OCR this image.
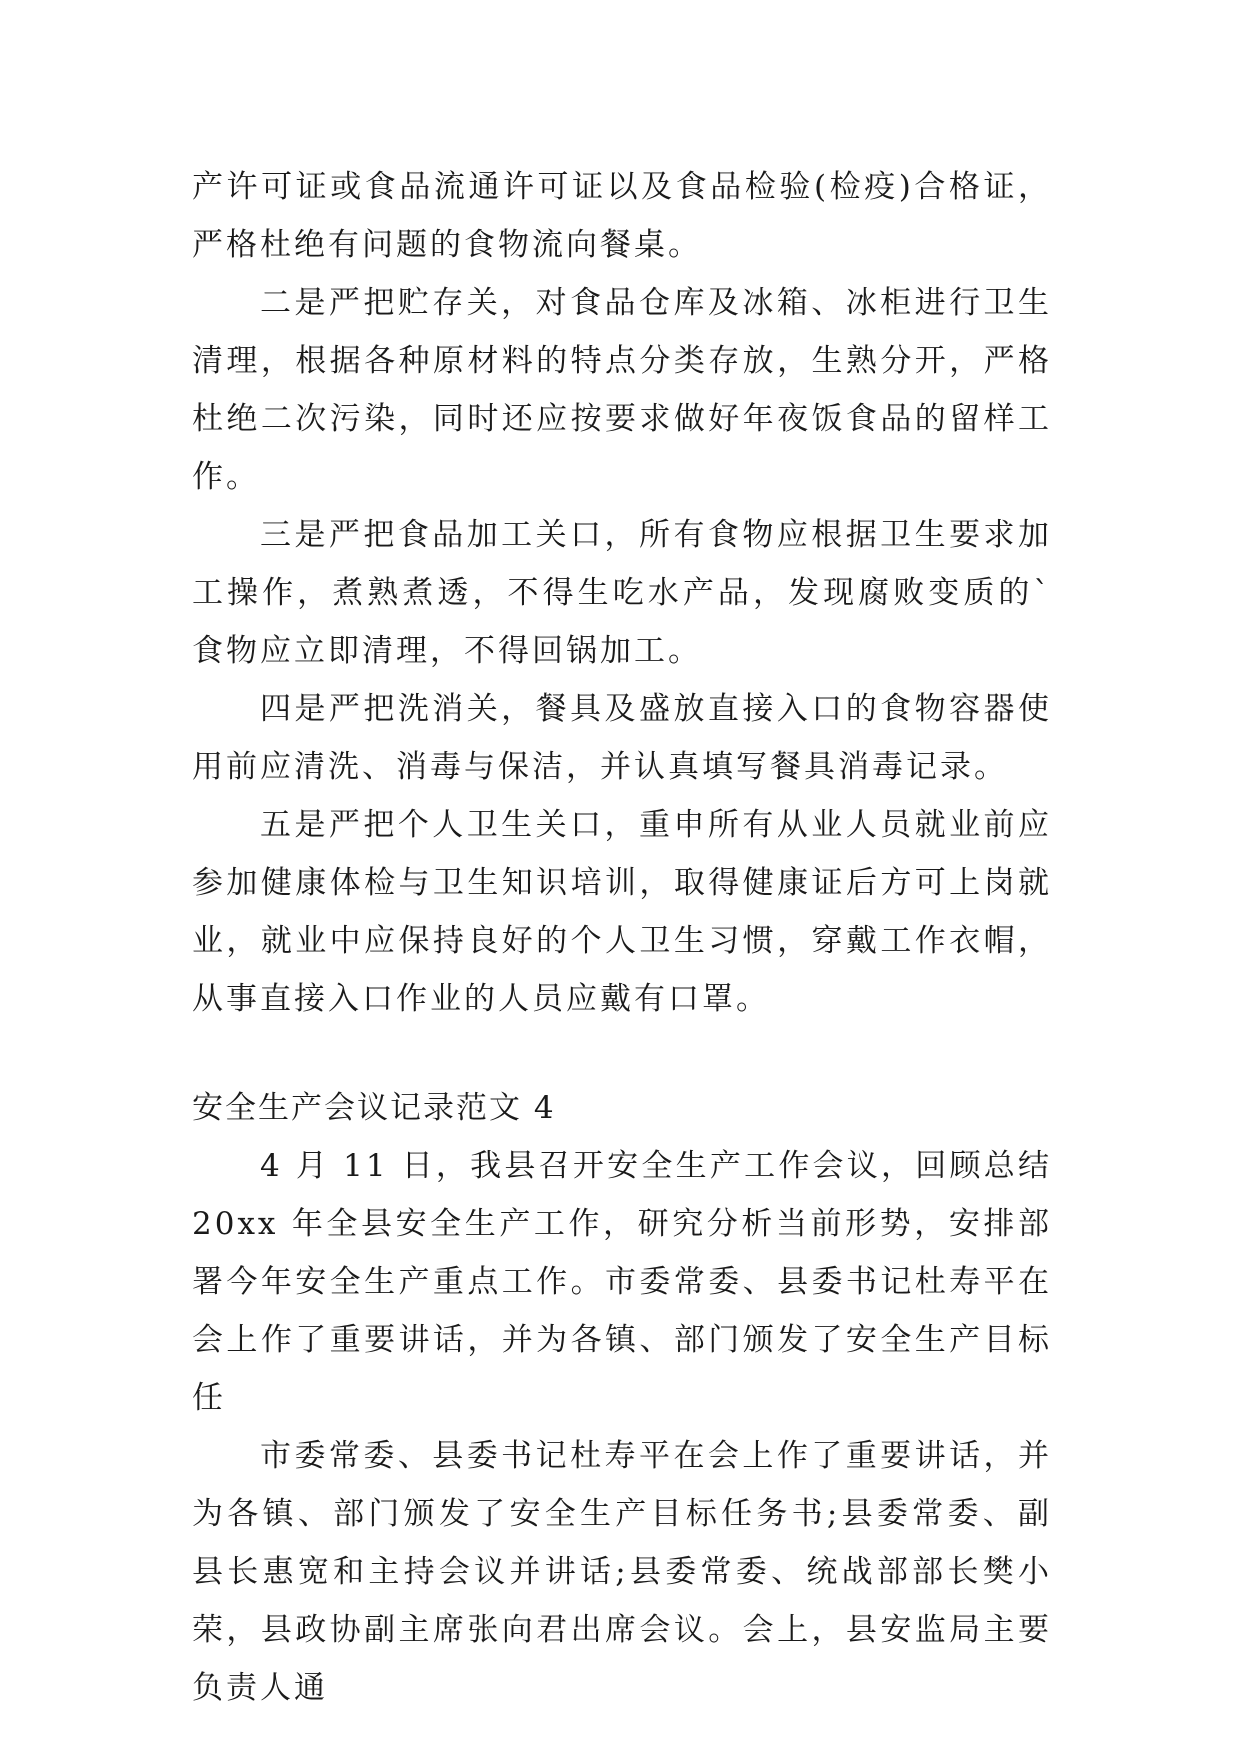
产许可证或食品流通许可证以及食品检验(检疫)合格证，严格杜绝有问题的食物流向餐桌。

二是严把贮存关，对食品仓库及冰箱、冰柜进行卫生清理，根据各种原材料的特点分类存放，生熟分开，严格杜绝二次污染，同时还应按要求做好年夜饭食品的留样工作。

三是严把食品加工关口，所有食物应根据卫生要求加工操作，煮熟煮透，不得生吃水产品，发现腐败变质的`食物应立即清理，不得回锅加工。

四是严把洗消关，餐具及盛放直接入口的食物容器使用前应清洗、消毒与保洁，并认真填写餐具消毒记录。

五是严把个人卫生关口，重申所有从业人员就业前应参加健康体检与卫生知识培训，取得健康证后方可上岗就业，就业中应保持良好的个人卫生习惯，穿戴工作衣帽，从事直接入口作业的人员应戴有口罩。

安全生产会议记录范文 4

4 月 11 日，我县召开安全生产工作会议，回顾总结 20xx 年全县安全生产工作，研究分析当前形势，安排部署今年安全生产重点工作。市委常委、县委书记杜寿平在会上作了重要讲话，并为各镇、部门颁发了安全生产目标任

市委常委、县委书记杜寿平在会上作了重要讲话，并为各镇、部门颁发了安全生产目标任务书;县委常委、副县长惠宽和主持会议并讲话;县委常委、统战部部长樊小荣，县政协副主席张向君出席会议。会上，县安监局主要负责人通
